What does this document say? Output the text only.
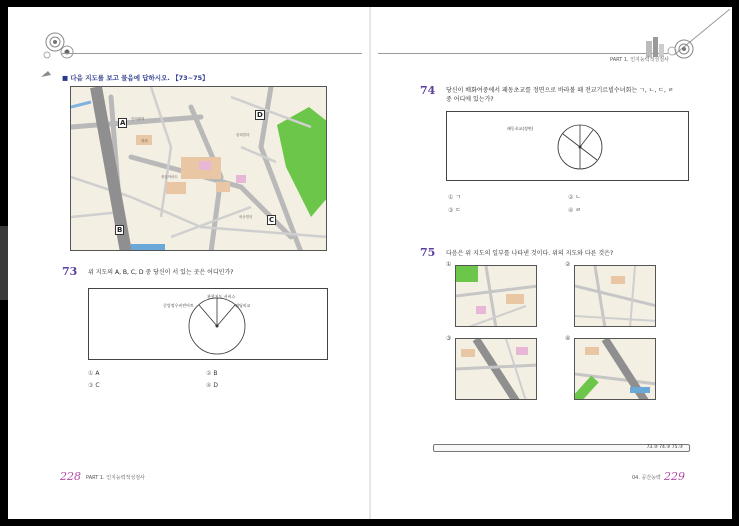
PART 1. 인지능력적성검사
■ 다음 지도를 보고 물음에 답하시오. 【73~75】
A
B
C
D
인덕원역
창원
중흥아파트
삼희빌라
외송빌딩
73 위 지도의 A, B, C, D 중 당신이 서 있는 곳은 어디인가?
관광지도 서비스
중앙정우비빈아트	웨딩비교
① A	② B
③ C	④ D
74 당신이 배화여중에서 패동초교를 정면으로 바라볼 때 전교기르빌수녀회는 ㄱ, ㄴ, ㄷ, ㄹ
중 어디에 있는가?
패동초교(정면)
① ㄱ	② ㄴ
③ ㄷ	④ ㄹ
75 다음은 위 지도의 일부를 나타낸 것이다. 위의 지도와 다른 것은?
①	②
③	④
73.③ 74.③ 75.③
228 PART 1. 인지능력적성검사	04. 공간능력 229
